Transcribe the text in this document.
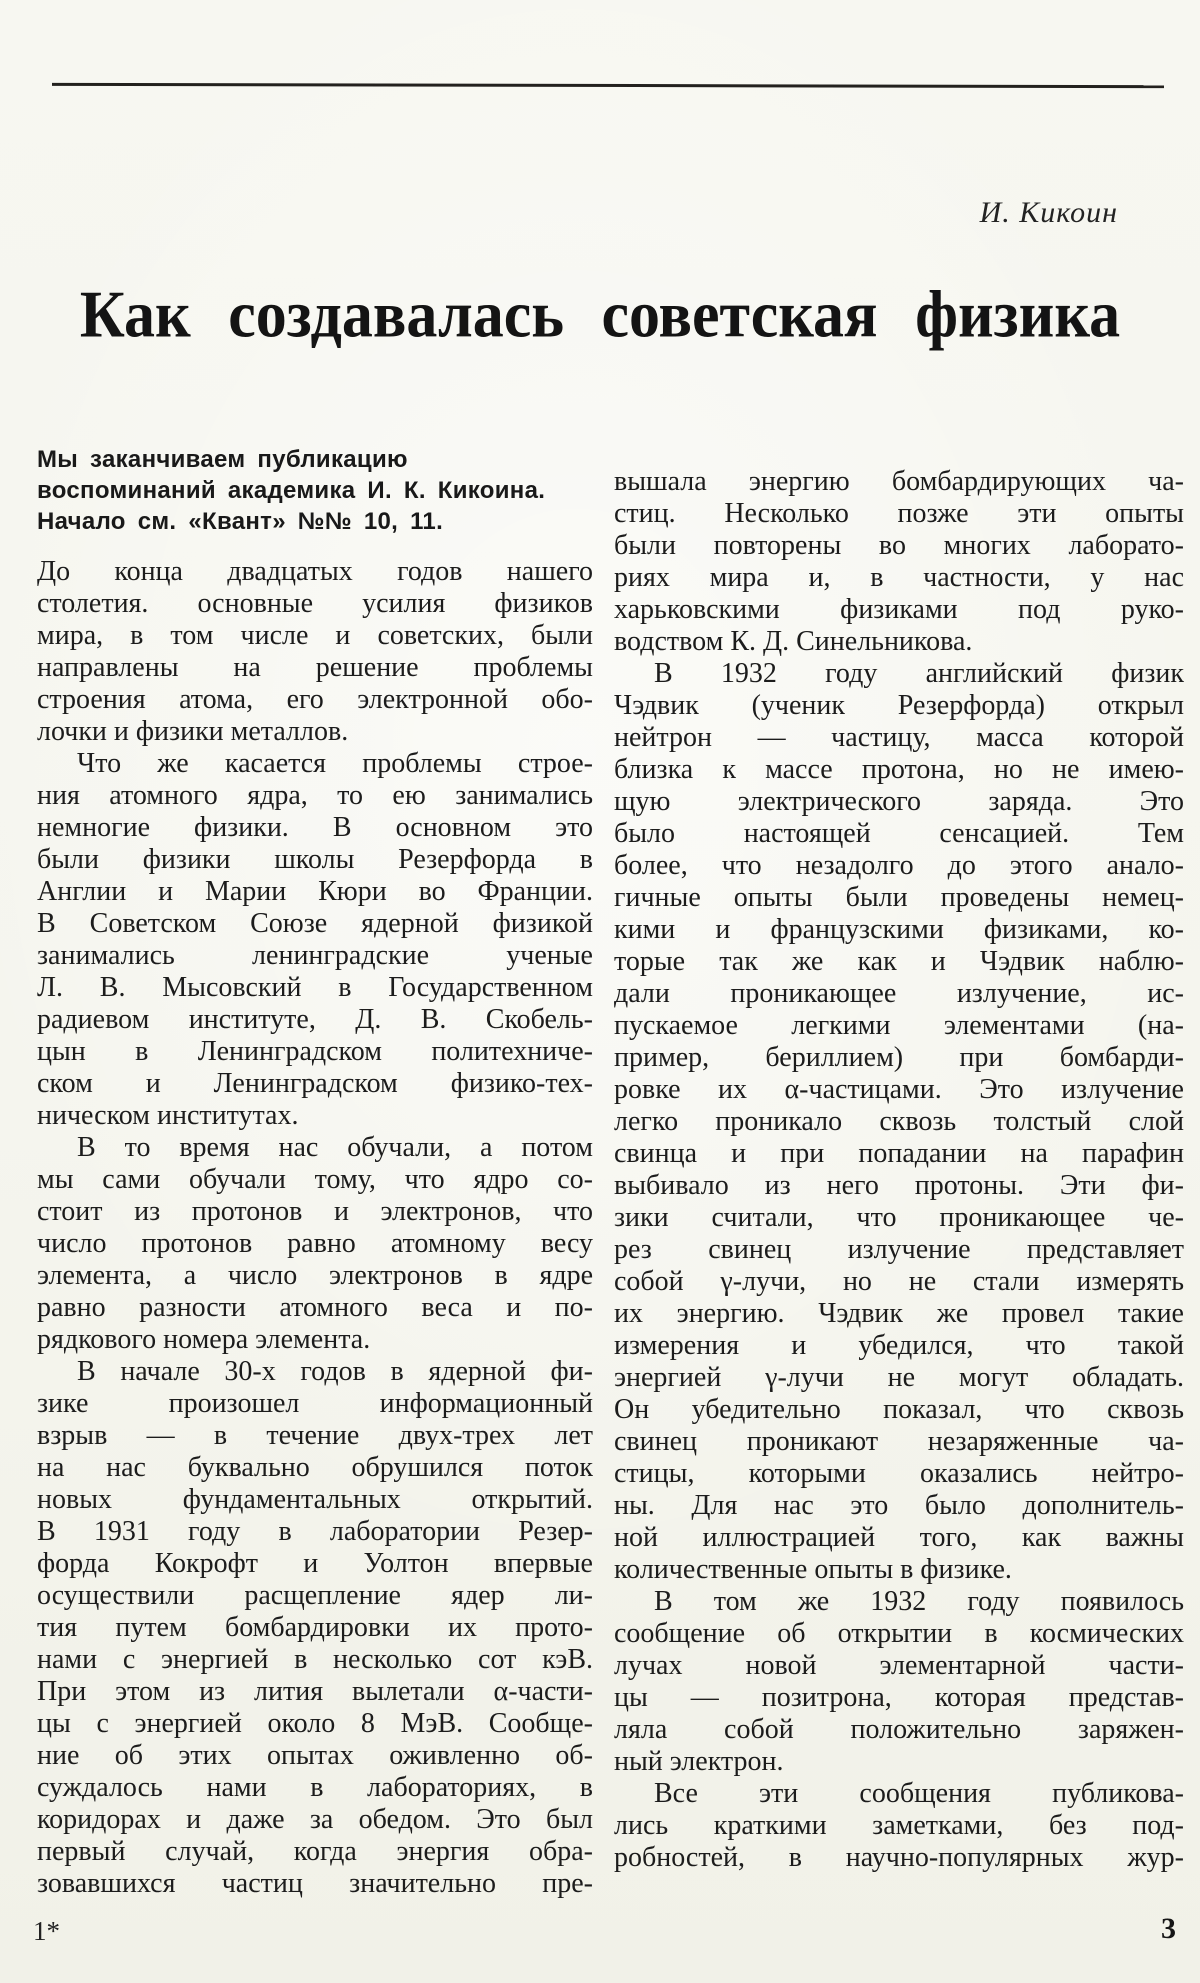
И. Кикоин
Как создавалась советская физика
Мы заканчиваем публикацию
воспоминаний академика И. К. Кикоина.
Начало см. «Квант» №№ 10, 11.
До конца двадцатых годов нашего
столетия. основные усилия физиков
мира, в том числе и советских, были
направлены на решение проблемы
строения атома, его электронной обо-
лочки и физики металлов.
Что же касается проблемы строе-
ния атомного ядра, то ею занимались
немногие физики. В основном это
были физики школы Резерфорда в
Англии и Марии Кюри во Франции.
В Советском Союзе ядерной физикой
занимались ленинградские ученые
Л. В. Мысовский в Государственном
радиевом институте, Д. В. Скобель-
цын в Ленинградском политехниче-
ском и Ленинградском физико-тех-
ническом институтах.
В то время нас обучали, а потом
мы сами обучали тому, что ядро со-
стоит из протонов и электронов, что
число протонов равно атомному весу
элемента, а число электронов в ядре
равно разности атомного веса и по-
рядкового номера элемента.
В начале 30-х годов в ядерной фи-
зике произошел информационный
взрыв — в течение двух-трех лет
на нас буквально обрушился поток
новых фундаментальных открытий.
В 1931 году в лаборатории Резер-
форда Кокрофт и Уолтон впервые
осуществили расщепление ядер ли-
тия путем бомбардировки их прото-
нами с энергией в несколько сот кэВ.
При этом из лития вылетали α-части-
цы с энергией около 8 МэВ. Сообще-
ние об этих опытах оживленно об-
суждалось нами в лабораториях, в
коридорах и даже за обедом. Это был
первый случай, когда энергия обра-
зовавшихся частиц значительно пре-
вышала энергию бомбардирующих ча-
стиц. Несколько позже эти опыты
были повторены во многих лаборато-
риях мира и, в частности, у нас
харьковскими физиками под руко-
водством К. Д. Синельникова.
В 1932 году английский физик
Чэдвик (ученик Резерфорда) открыл
нейтрон — частицу, масса которой
близка к массе протона, но не имею-
щую электрического заряда. Это
было настоящей сенсацией. Тем
более, что незадолго до этого анало-
гичные опыты были проведены немец-
кими и французскими физиками, ко-
торые так же как и Чэдвик наблю-
дали проникающее излучение, ис-
пускаемое легкими элементами (на-
пример, бериллием) при бомбарди-
ровке их α-частицами. Это излучение
легко проникало сквозь толстый слой
свинца и при попадании на парафин
выбивало из него протоны. Эти фи-
зики считали, что проникающее че-
рез свинец излучение представляет
собой γ-лучи, но не стали измерять
их энергию. Чэдвик же провел такие
измерения и убедился, что такой
энергией γ-лучи не могут обладать.
Он убедительно показал, что сквозь
свинец проникают незаряженные ча-
стицы, которыми оказались нейтро-
ны. Для нас это было дополнитель-
ной иллюстрацией того, как важны
количественные опыты в физике.
В том же 1932 году появилось
сообщение об открытии в космических
лучах новой элементарной части-
цы — позитрона, которая представ-
ляла собой положительно заряжен-
ный электрон.
Все эти сообщения публикова-
лись краткими заметками, без под-
робностей, в научно-популярных жур-
1*	3
